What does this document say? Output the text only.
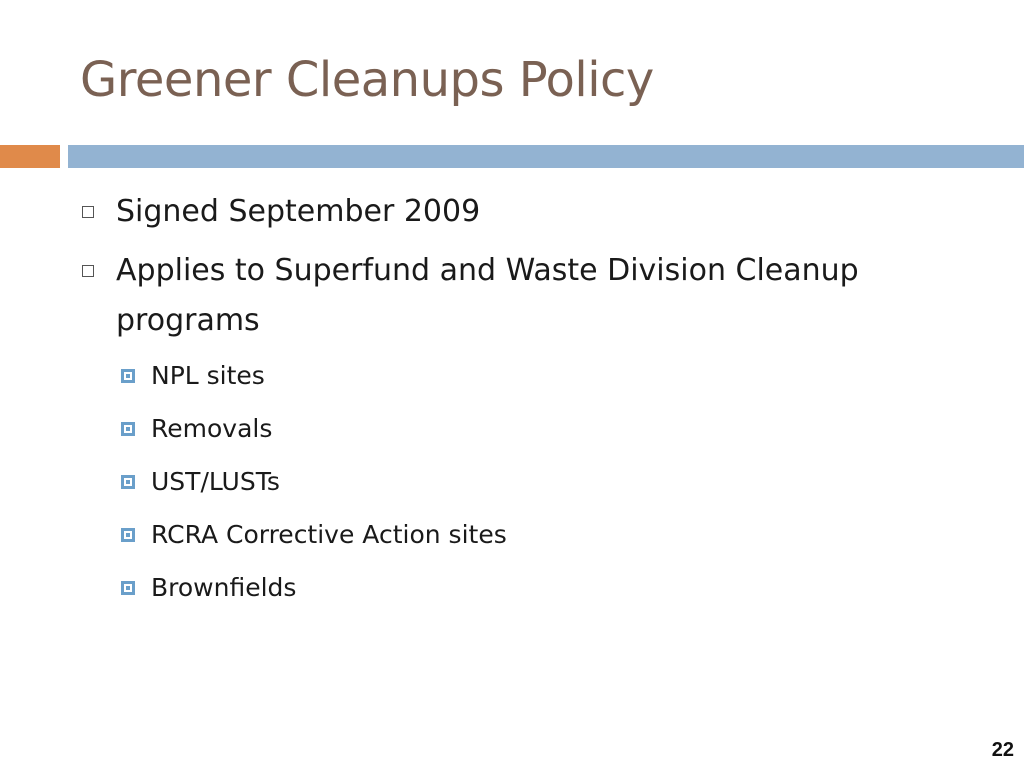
Greener Cleanups Policy
Signed September 2009
Applies to Superfund and Waste Division Cleanup programs
NPL sites
Removals
UST/LUSTs
RCRA Corrective Action sites
Brownfields
22
